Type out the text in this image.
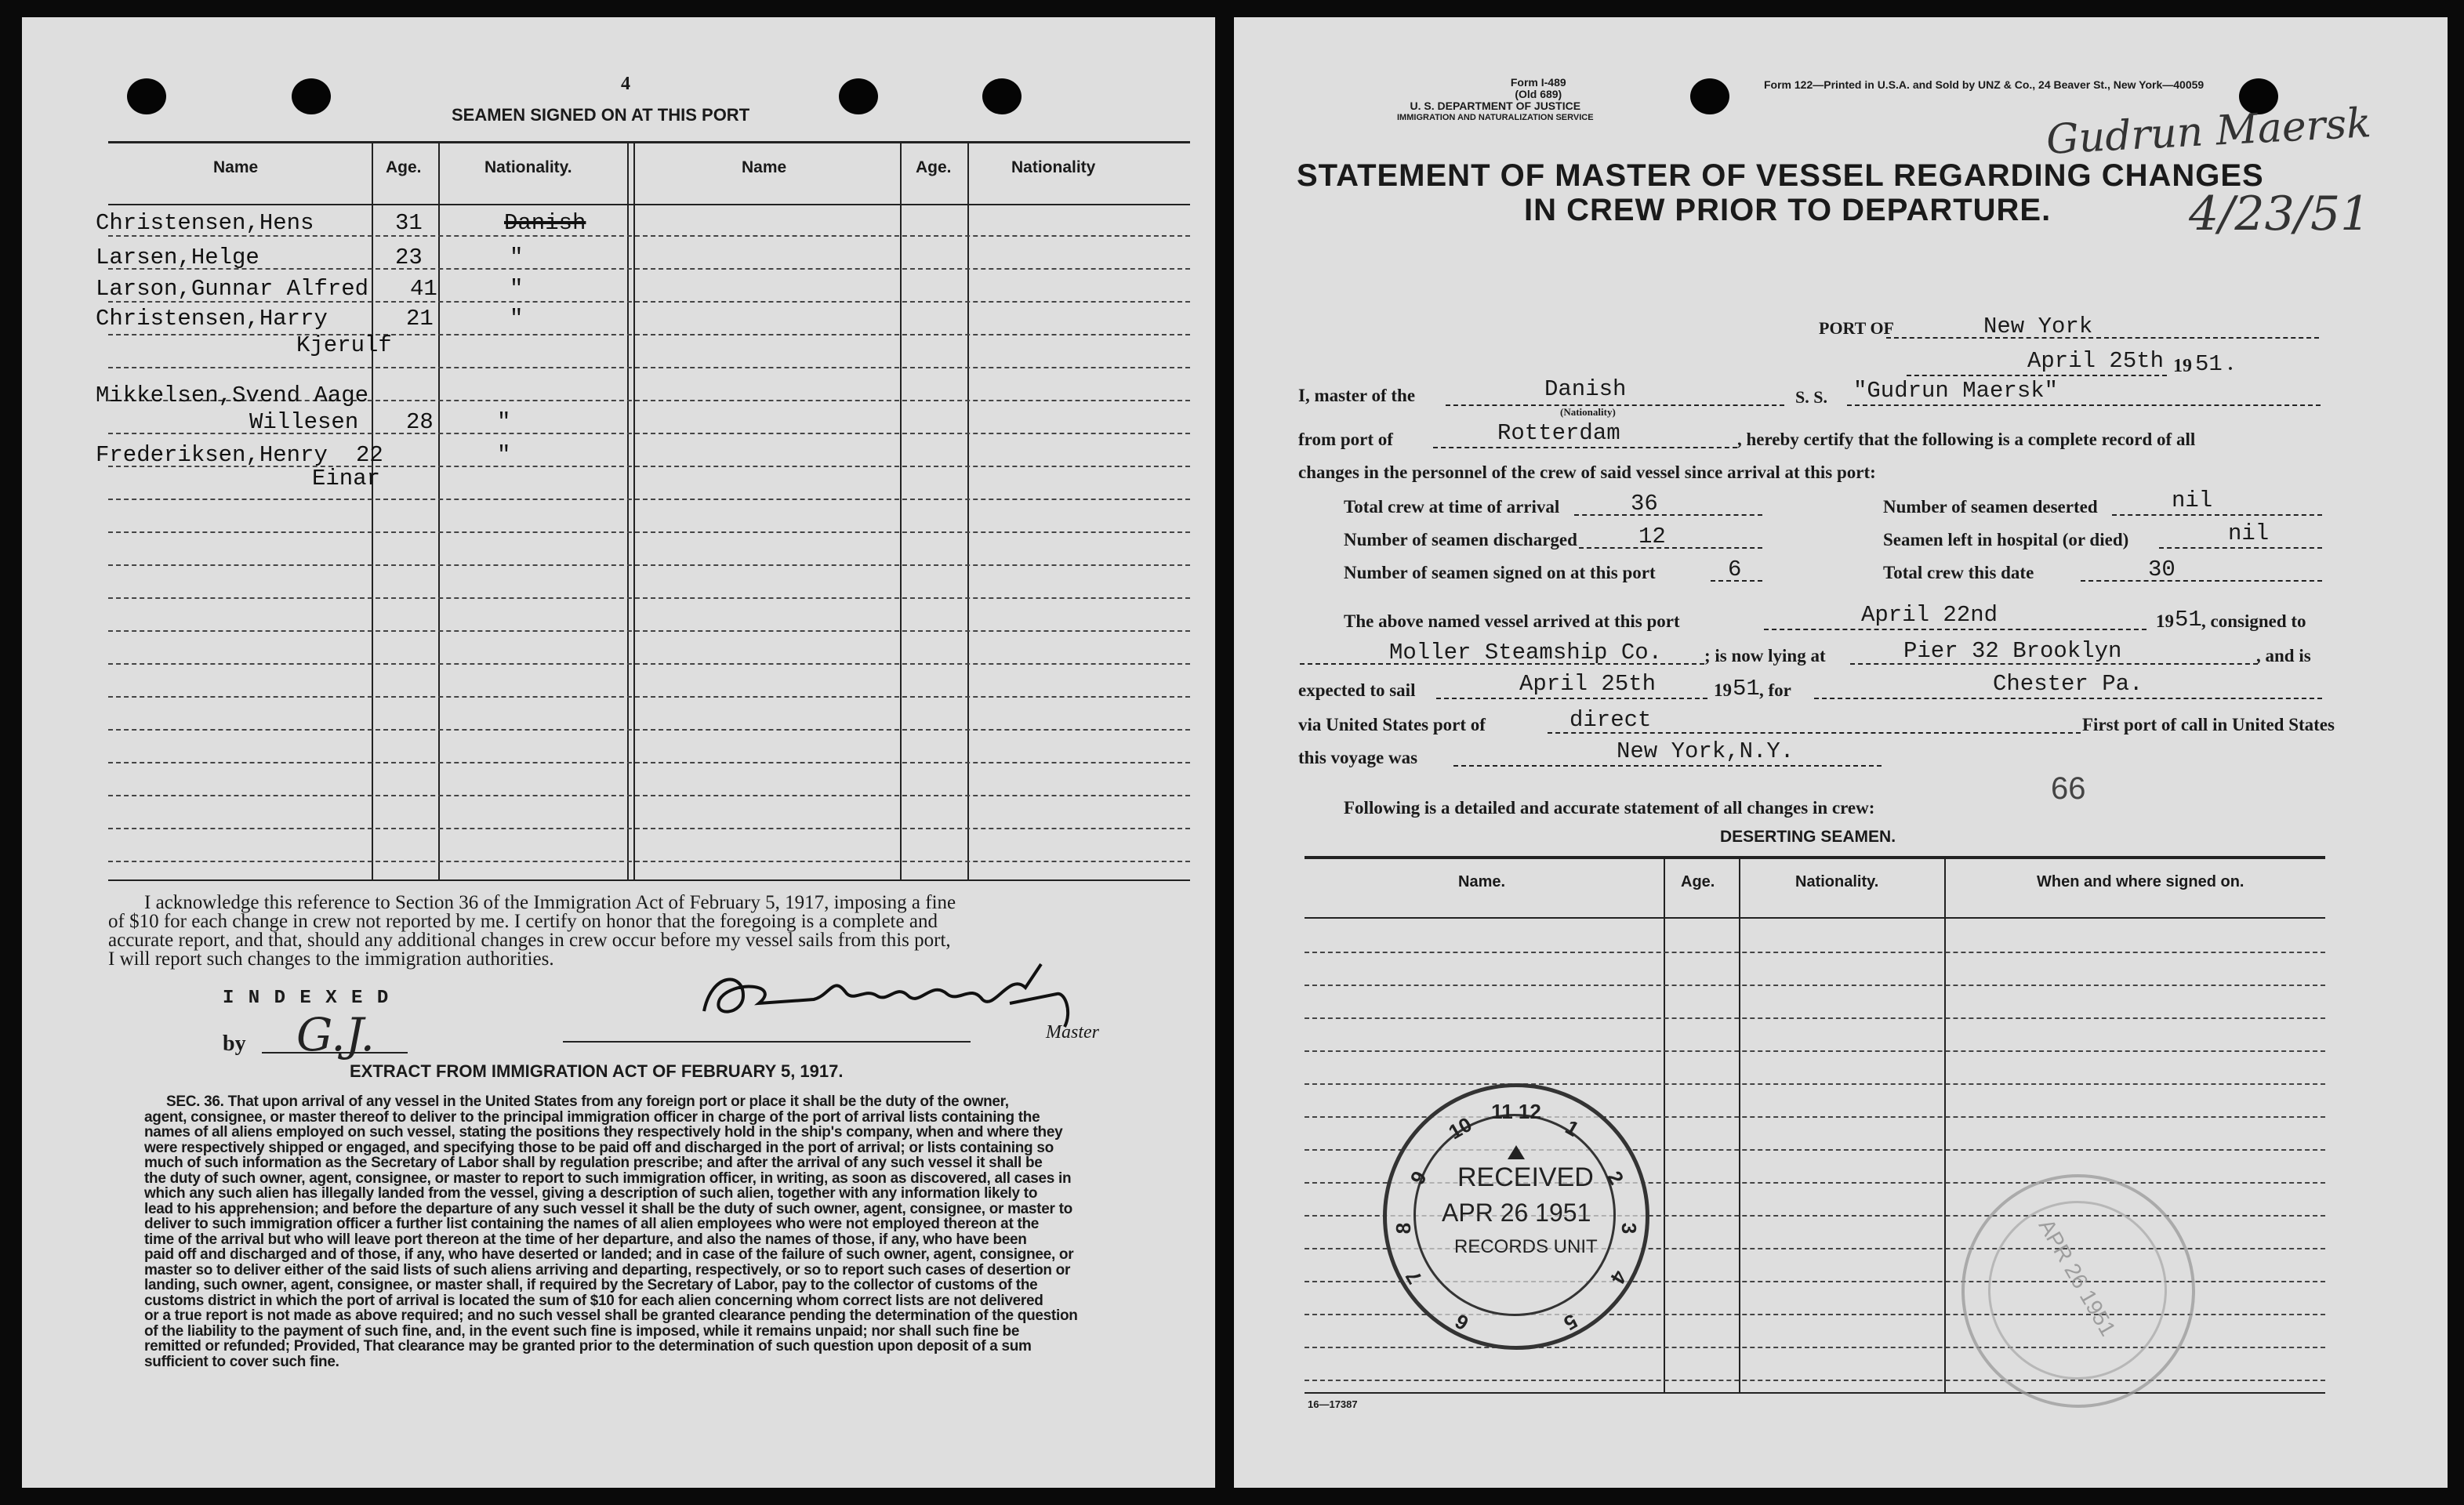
4
SEAMEN SIGNED ON AT THIS PORT
Name	Age.	Nationality.	Name	Age.	Nationality
Christensen,Hens	31	Danish
Larsen,Helge	23	"
Larson,Gunnar Alfred 41	"
Christensen,Harry	21	"
Kjerulf
Mikkelsen,Svend Aage
Willesen 28	"
Frederiksen,Henry 22	"
Einar
I acknowledge this reference to Section 36 of the Immigration Act of February 5, 1917, imposing a fine
of $10 for each change in crew not reported by me. I certify on honor that the foregoing is a complete and
accurate report, and that, should any additional changes in crew occur before my vessel sails from this port,
I will report such changes to the immigration authorities.
I N D E X E D
by G.J.	Master
EXTRACT FROM IMMIGRATION ACT OF FEBRUARY 5, 1917.
SEC. 36. That upon arrival of any vessel in the United States from any foreign port or place it shall be the duty of the owner,
agent, consignee, or master thereof to deliver to the principal immigration officer in charge of the port of arrival lists containing the
names of all aliens employed on such vessel, stating the positions they respectively hold in the ship's company, when and where they
were respectively shipped or engaged, and specifying those to be paid off and discharged in the port of arrival; or lists containing so
much of such information as the Secretary of Labor shall by regulation prescribe; and after the arrival of any such vessel it shall be
the duty of such owner, agent, consignee, or master to report to such immigration officer, in writing, as soon as discovered, all cases in
which any such alien has illegally landed from the vessel, giving a description of such alien, together with any information likely to
lead to his apprehension; and before the departure of any such vessel it shall be the duty of such owner, agent, consignee, or master to
deliver to such immigration officer a further list containing the names of all alien employees who were not employed thereon at the
time of the arrival but who will leave port thereon at the time of her departure, and also the names of those, if any, who have been
paid off and discharged and of those, if any, who have deserted or landed; and in case of the failure of such owner, agent, consignee, or
master so to deliver either of the said lists of such aliens arriving and departing, respectively, or so to report such cases of desertion or
landing, such owner, agent, consignee, or master shall, if required by the Secretary of Labor, pay to the collector of customs of the
customs district in which the port of arrival is located the sum of $10 for each alien concerning whom correct lists are not delivered
or a true report is not made as above required; and no such vessel shall be granted clearance pending the determination of the question
of the liability to the payment of such fine, and, in the event such fine is imposed, while it remains unpaid; nor shall such fine be
remitted or refunded; Provided, That clearance may be granted prior to the determination of such question upon deposit of a sum
sufficient to cover such fine.
Form I-489
(Old 689)
U. S. DEPARTMENT OF JUSTICE
IMMIGRATION AND NATURALIZATION SERVICE
Form 122—Printed in U.S.A. and Sold by UNZ & Co., 24 Beaver St., New York—40059
Gudrun Maersk
4/23/51
STATEMENT OF MASTER OF VESSEL REGARDING CHANGES
IN CREW PRIOR TO DEPARTURE.
PORT OF	New York
April 25th 19 51 .
I, master of the	Danish
(Nationality)
S. S. "Gudrun Maersk"
from port of	Rotterdam	, hereby certify that the following is a complete record of all
changes in the personnel of the crew of said vessel since arrival at this port:
Total crew at time of arrival	36	Number of seamen deserted	nil
Number of seamen discharged	12	Seamen left in hospital (or died)	nil
Number of seamen signed on at this port	6	Total crew this date	30
The above named vessel arrived at this port	April 22nd	19 51 , consigned to
Moller Steamship Co. ; is now lying at	Pier 32 Brooklyn	, and is
expected to sail	April 25th	19 51 , for	Chester Pa.
via United States port of	direct	First port of call in United States
this voyage was	New York,N.Y.
Following is a detailed and accurate statement of all changes in crew:
66
DESERTING SEAMEN.
Name.	Age.	Nationality.	When and where signed on.
11 12
10	1
9	2
8	3
7	4
6	5
RECEIVED
APR 26 1951
RECORDS UNIT	APR 26 1951
16—17387
